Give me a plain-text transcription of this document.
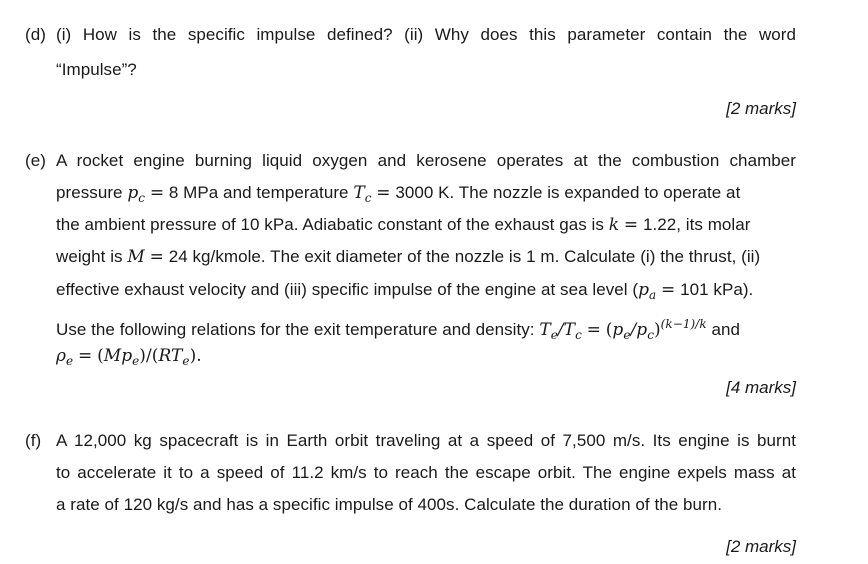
(d) (i) How is the specific impulse defined? (ii) Why does this parameter contain the word
“Impulse”?
[2 marks]
(e) A rocket engine burning liquid oxygen and kerosene operates at the combustion chamber
pressure $p_c = 8$ MPa and temperature $T_c = 3000$ K. The nozzle is expanded to operate at
the ambient pressure of 10 kPa. Adiabatic constant of the exhaust gas is k = 1.22, its molar
weight is M = 24 kg/kmole. The exit diameter of the nozzle is 1 m. Calculate (i) the thrust, (ii)
effective exhaust velocity and (iii) specific impulse of the engine at sea level ($p_a = 101$ kPa).
Use the following relations for the exit temperature and density: $T_e/T_c = (p_e/p_c)^{(k-1)/k}$ and
$\rho_e = (Mp_e)/(RT_e)$.
[4 marks]
(f) A 12,000 kg spacecraft is in Earth orbit traveling at a speed of 7,500 m/s. Its engine is burnt
to accelerate it to a speed of 11.2 km/s to reach the escape orbit. The engine expels mass at
a rate of 120 kg/s and has a specific impulse of 400s. Calculate the duration of the burn.
[2 marks]
